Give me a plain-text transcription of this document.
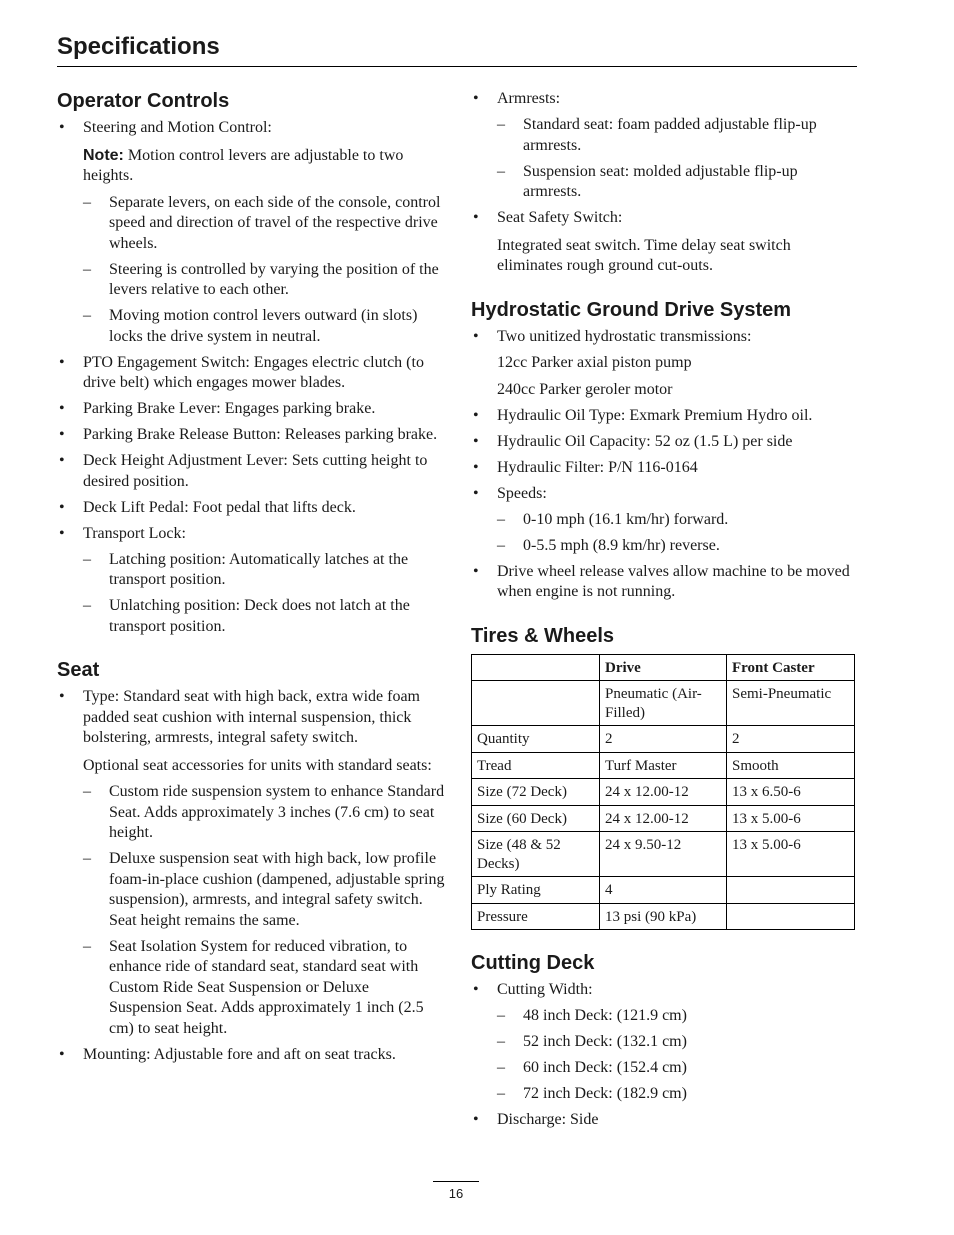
Specifications
Operator Controls
• Steering and Motion Control:
Note: Motion control levers are adjustable to two heights.
– Separate levers, on each side of the console, control speed and direction of travel of the respective drive wheels.
– Steering is controlled by varying the position of the levers relative to each other.
– Moving motion control levers outward (in slots) locks the drive system in neutral.
• PTO Engagement Switch: Engages electric clutch (to drive belt) which engages mower blades.
• Parking Brake Lever: Engages parking brake.
• Parking Brake Release Button: Releases parking brake.
• Deck Height Adjustment Lever: Sets cutting height to desired position.
• Deck Lift Pedal: Foot pedal that lifts deck.
• Transport Lock:
– Latching position: Automatically latches at the transport position.
– Unlatching position: Deck does not latch at the transport position.
Seat
• Type: Standard seat with high back, extra wide foam padded seat cushion with internal suspension, thick bolstering, armrests, integral safety switch.
Optional seat accessories for units with standard seats:
– Custom ride suspension system to enhance Standard Seat. Adds approximately 3 inches (7.6 cm) to seat height.
– Deluxe suspension seat with high back, low profile foam-in-place cushion (dampened, adjustable spring suspension), armrests, and integral safety switch. Seat height remains the same.
– Seat Isolation System for reduced vibration, to enhance ride of standard seat, standard seat with Custom Ride Seat Suspension or Deluxe Suspension Seat. Adds approximately 1 inch (2.5 cm) to seat height.
• Mounting: Adjustable fore and aft on seat tracks.
• Armrests:
– Standard seat: foam padded adjustable flip-up armrests.
– Suspension seat: molded adjustable flip-up armrests.
• Seat Safety Switch:
Integrated seat switch. Time delay seat switch eliminates rough ground cut-outs.
Hydrostatic Ground Drive System
• Two unitized hydrostatic transmissions:
12cc Parker axial piston pump
240cc Parker geroler motor
• Hydraulic Oil Type: Exmark Premium Hydro oil.
• Hydraulic Oil Capacity: 52 oz (1.5 L) per side
• Hydraulic Filter: P/N 116-0164
• Speeds:
– 0-10 mph (16.1 km/hr) forward.
– 0-5.5 mph (8.9 km/hr) reverse.
• Drive wheel release valves allow machine to be moved when engine is not running.
Tires & Wheels
	Drive	Front Caster
	Pneumatic (Air-Filled)	Semi-Pneumatic
Quantity	2	2
Tread	Turf Master	Smooth
Size (72 Deck)	24 x 12.00-12	13 x 6.50-6
Size (60 Deck)	24 x 12.00-12	13 x 5.00-6
Size (48 & 52 Decks)	24 x 9.50-12	13 x 5.00-6
Ply Rating	4	
Pressure	13 psi (90 kPa)	
Cutting Deck
• Cutting Width:
– 48 inch Deck: (121.9 cm)
– 52 inch Deck: (132.1 cm)
– 60 inch Deck: (152.4 cm)
– 72 inch Deck: (182.9 cm)
• Discharge: Side
16
